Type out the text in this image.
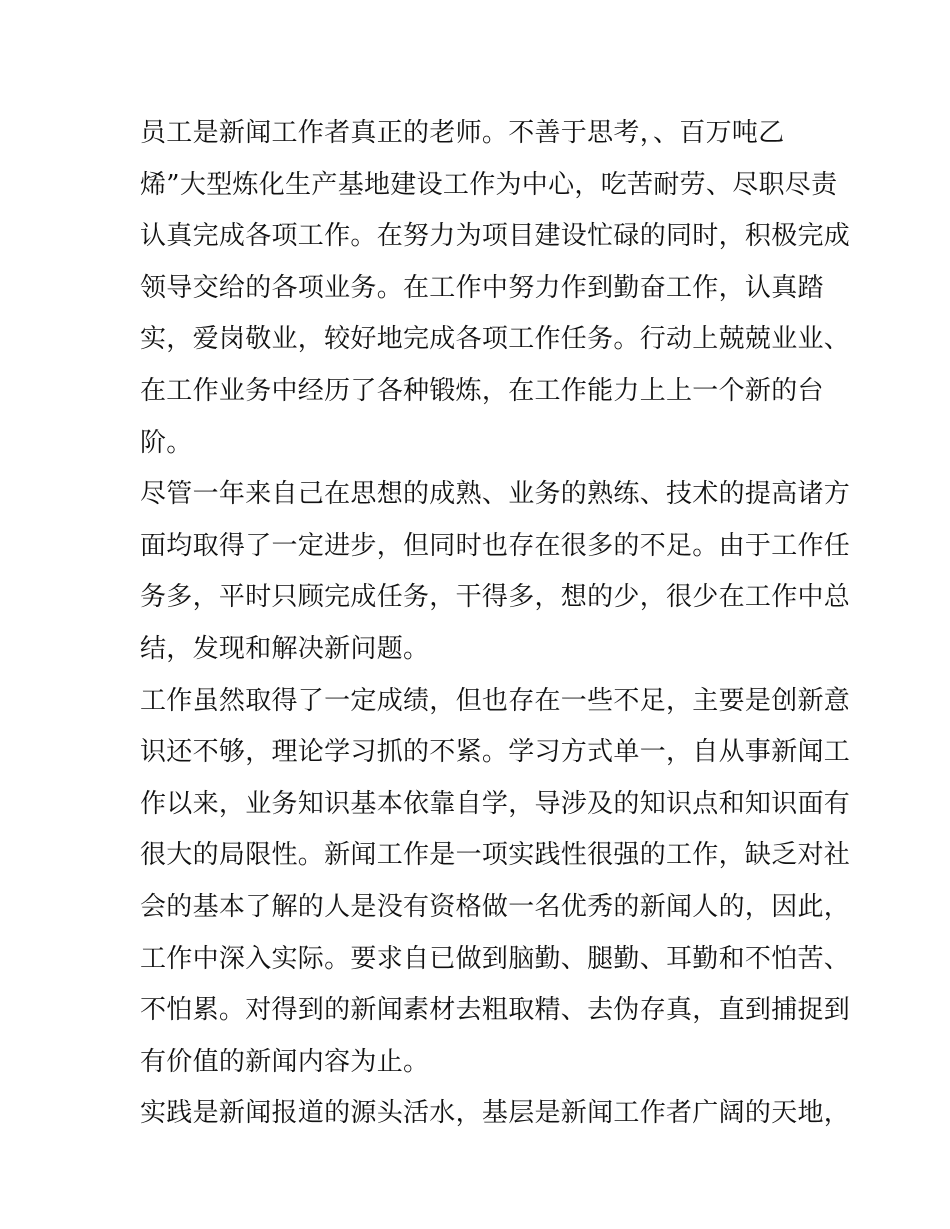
员工是新闻工作者真正的老师。不善于思考，、百万吨乙
烯”大型炼化生产基地建设工作为中心，吃苦耐劳、尽职尽责
认真完成各项工作。在努力为项目建设忙碌的同时，积极完成
领导交给的各项业务。在工作中努力作到勤奋工作，认真踏
实，爱岗敬业，较好地完成各项工作任务。行动上兢兢业业、
在工作业务中经历了各种锻炼，在工作能力上上一个新的台
阶。
尽管一年来自己在思想的成熟、业务的熟练、技术的提高诸方
面均取得了一定进步，但同时也存在很多的不足。由于工作任
务多，平时只顾完成任务，干得多，想的少，很少在工作中总
结，发现和解决新问题。
工作虽然取得了一定成绩，但也存在一些不足，主要是创新意
识还不够，理论学习抓的不紧。学习方式单一，自从事新闻工
作以来，业务知识基本依靠自学，导涉及的知识点和知识面有
很大的局限性。新闻工作是一项实践性很强的工作，缺乏对社
会的基本了解的人是没有资格做一名优秀的新闻人的，因此，
工作中深入实际。要求自已做到脑勤、腿勤、耳勤和不怕苦、
不怕累。对得到的新闻素材去粗取精、去伪存真，直到捕捉到
有价值的新闻内容为止。
实践是新闻报道的源头活水，基层是新闻工作者广阔的天地，
